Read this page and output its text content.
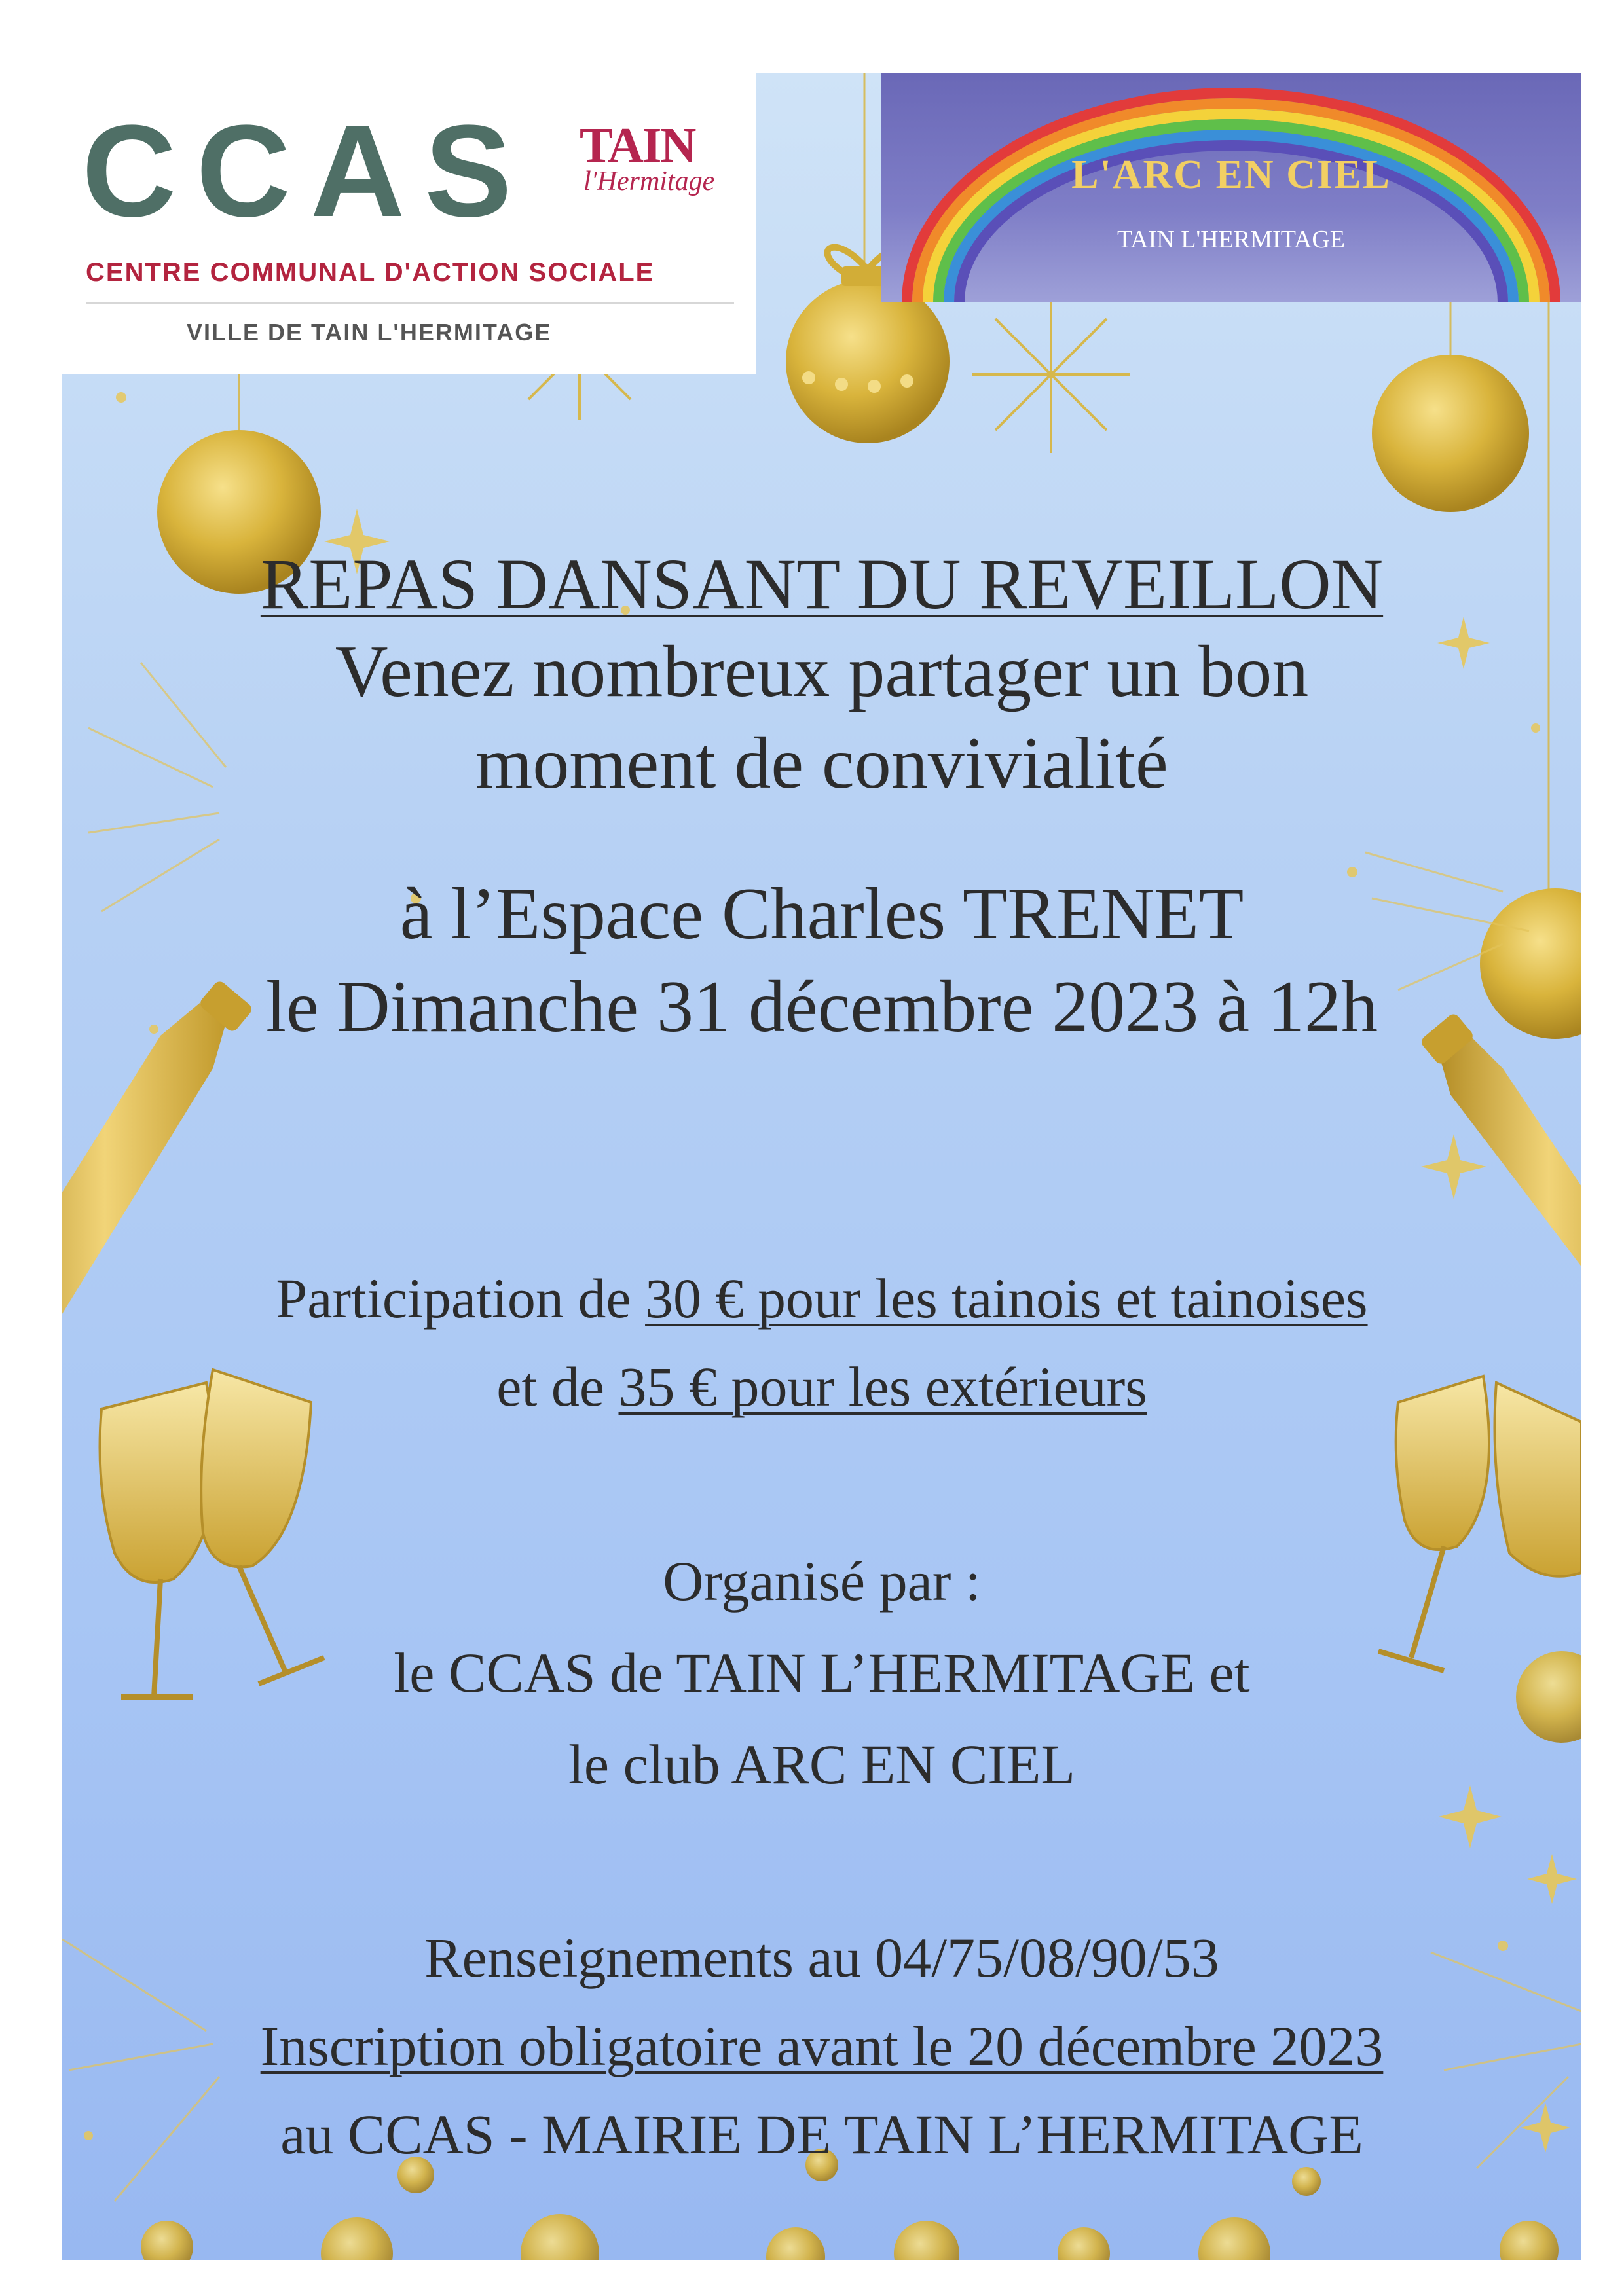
CCAS
CENTRE COMMUNAL D'ACTION SOCIALE
VILLE DE TAIN L'HERMITAGE
TAIN
l'Hermitage	L'ARC EN CIEL
TAIN L'HERMITAGE
REPAS DANSANT DU REVEILLON
Venez nombreux partager un bon
moment de convivialité
à l’Espace Charles TRENET
le Dimanche 31 décembre 2023 à 12h
Participation de 30 € pour les tainois et tainoises
et de 35 € pour les extérieurs
Organisé par :
le CCAS de TAIN L’HERMITAGE et
le club ARC EN CIEL
Renseignements au 04/75/08/90/53
Inscription obligatoire avant le 20 décembre 2023
au CCAS - MAIRIE DE TAIN L’HERMITAGE
